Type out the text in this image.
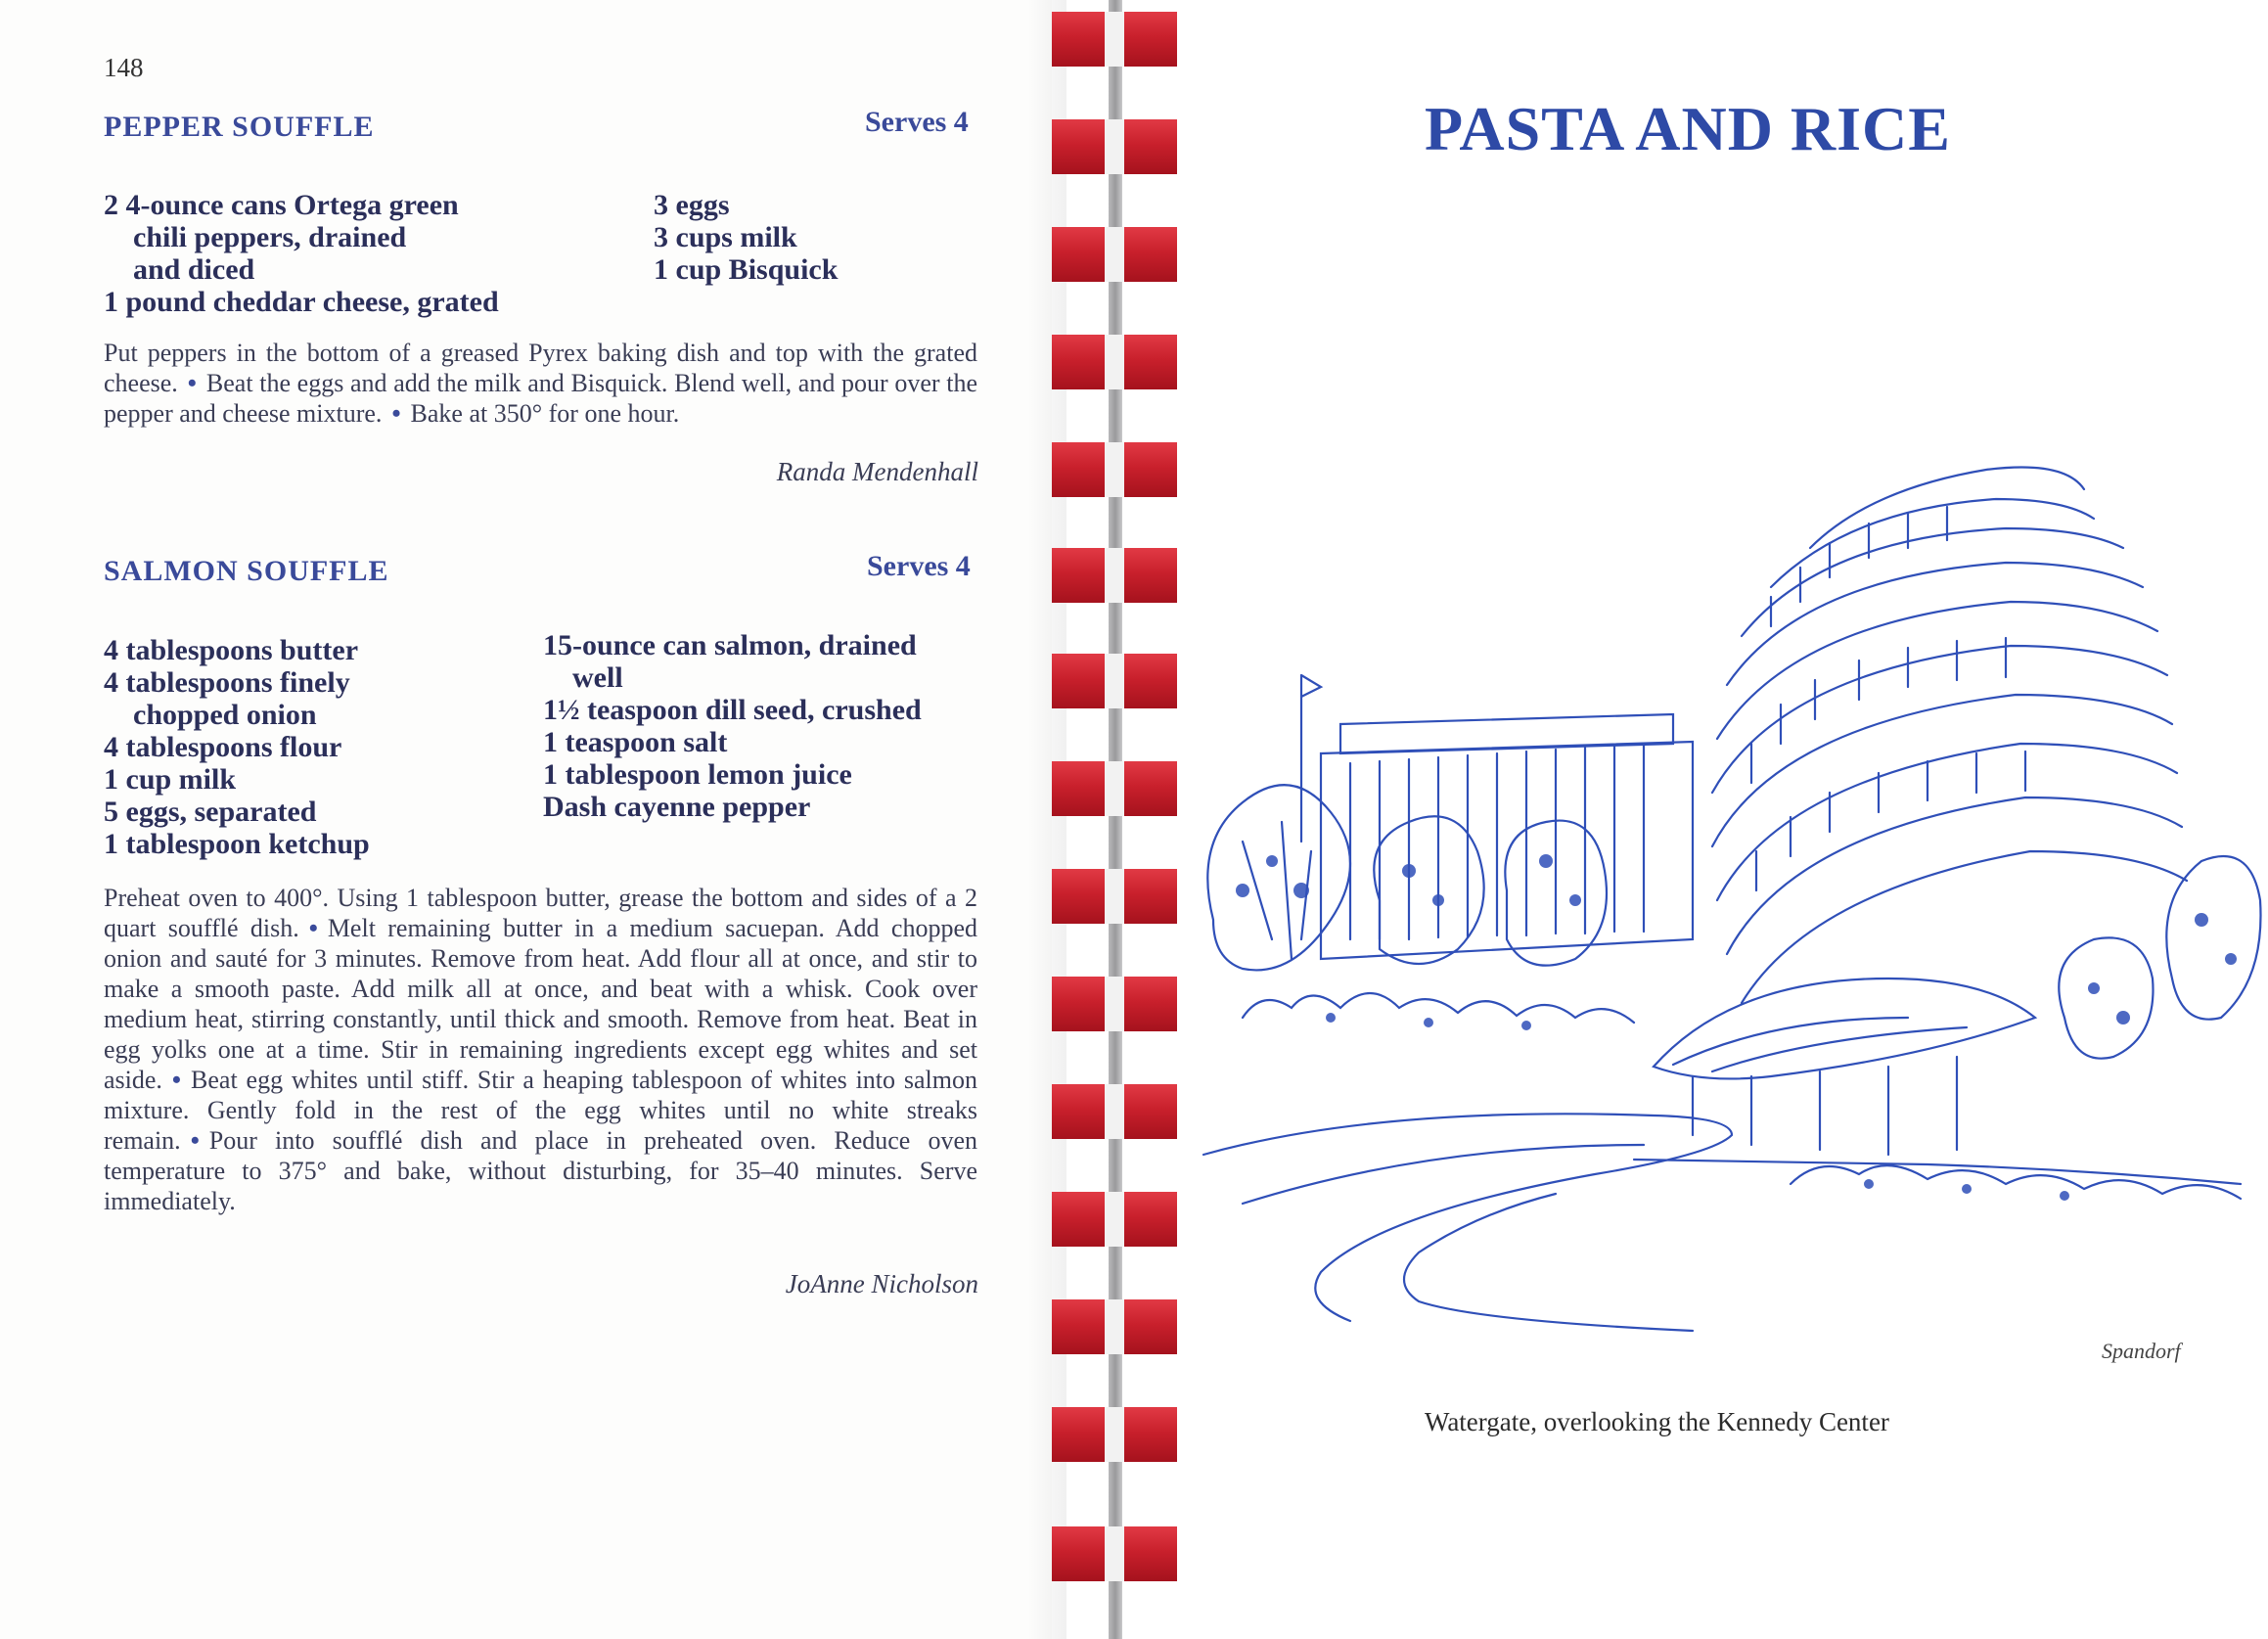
148
PEPPER SOUFFLE	Serves 4
2 4-ounce cans Ortega green
chili peppers, drained
and diced
1 pound cheddar cheese, grated
3 eggs
3 cups milk
1 cup Bisquick
Put peppers in the bottom of a greased Pyrex baking dish and top with the grated cheese. • Beat the eggs and add the milk and Bisquick. Blend well, and pour over the pepper and cheese mixture. • Bake at 350° for one hour.
Randa Mendenhall
SALMON SOUFFLE	Serves 4
4 tablespoons butter
4 tablespoons finely
chopped onion
4 tablespoons flour
1 cup milk
5 eggs, separated
1 tablespoon ketchup
15-ounce can salmon, drained
well
1½ teaspoon dill seed, crushed
1 teaspoon salt
1 tablespoon lemon juice
Dash cayenne pepper
Preheat oven to 400°. Using 1 tablespoon butter, grease the bottom and sides of a 2 quart soufflé dish. • Melt remaining butter in a medium sacuepan. Add chopped onion and sauté for 3 minutes. Remove from heat. Add flour all at once, and stir to make a smooth paste. Add milk all at once, and beat with a whisk. Cook over medium heat, stirring constantly, until thick and smooth. Remove from heat. Beat in egg yolks one at a time. Stir in remaining ingredients except egg whites and set aside. • Beat egg whites until stiff. Stir a heaping tablespoon of whites into salmon mixture. Gently fold in the rest of the egg whites until no white streaks remain. • Pour into soufflé dish and place in preheated oven. Reduce oven temperature to 375° and bake, without disturbing, for 35–40 minutes. Serve immediately.
JoAnne Nicholson
PASTA AND RICE
Spandorf
Watergate, overlooking the Kennedy Center
